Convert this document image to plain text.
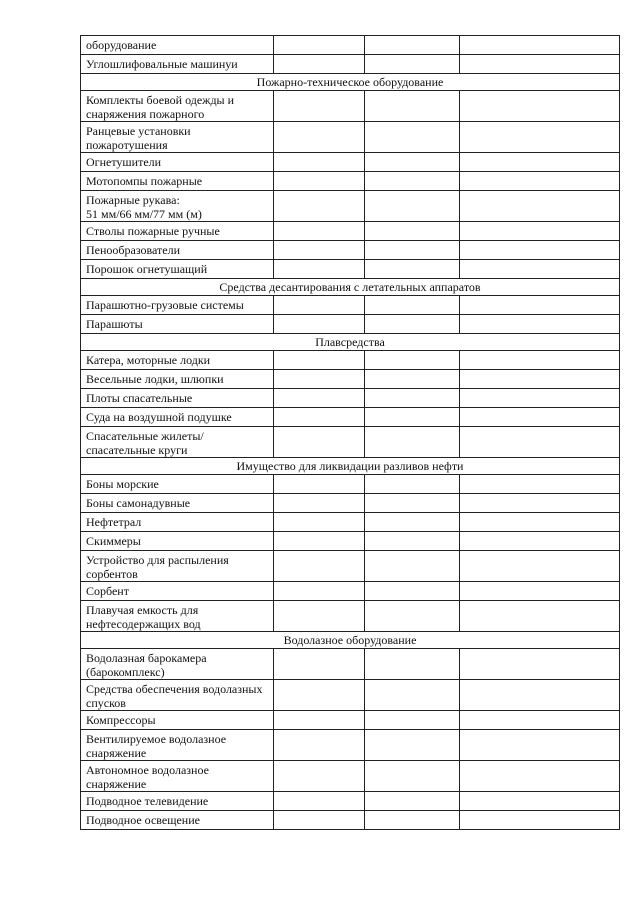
оборудование			
Углошлифовальные машинуи			
Пожарно-техническое оборудование			
Комплекты боевой одежды и снаряжения пожарного			
Ранцевые установки пожаротушения			
Огнетушители			
Мотопомпы пожарные			
Пожарные рукава:
51 мм/66 мм/77 мм (м)			
Стволы пожарные ручные			
Пенообразователи			
Порошок огнетушащий			
Средства десантирования с летательных аппаратов			
Парашютно-грузовые системы			
Парашюты			
Плавсредства			
Катера, моторные лодки			
Весельные лодки, шлюпки			
Плоты спасательные			
Суда на воздушной подушке			
Спасательные жилеты/спасательные круги			
Имущество для ликвидации разливов нефти			
Боны морские			
Боны самонадувные			
Нефтетрал			
Скиммеры			
Устройство для распыления сорбентов			
Сорбент			
Плавучая емкость для нефтесодержащих вод			
Водолазное оборудование			
Водолазная барокамера (барокомплекс)			
Средства обеспечения водолазных спусков			
Компрессоры			
Вентилируемое водолазное снаряжение			
Автономное водолазное снаряжение			
Подводное телевидение			
Подводное освещение			
